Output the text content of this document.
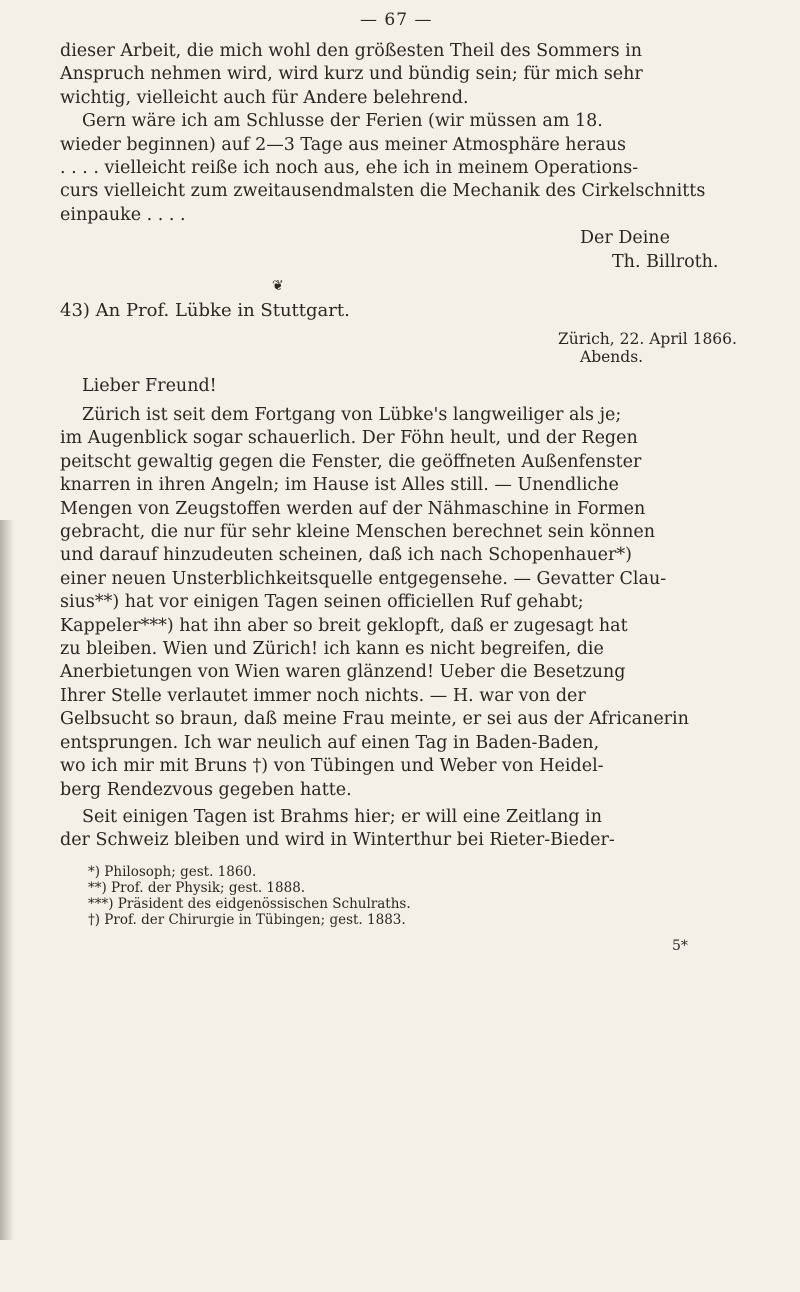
— 67 —
dieser Arbeit, die mich wohl den größesten Theil des Sommers in
Anspruch nehmen wird, wird kurz und bündig sein; für mich sehr
wichtig, vielleicht auch für Andere belehrend.
Gern wäre ich am Schlusse der Ferien (wir müssen am 18.
wieder beginnen) auf 2—3 Tage aus meiner Atmosphäre heraus
. . . . vielleicht reiße ich noch aus, ehe ich in meinem Operations-
curs vielleicht zum zweitausendmalsten die Mechanik des Cirkelschnitts
einpauke . . . .
Der Deine
Th. Billroth.
❦
43) An Prof. Lübke in Stuttgart.
Zürich, 22. April 1866.
Abends.
Lieber Freund!
Zürich ist seit dem Fortgang von Lübke's langweiliger als je;
im Augenblick sogar schauerlich. Der Föhn heult, und der Regen
peitscht gewaltig gegen die Fenster, die geöffneten Außenfenster
knarren in ihren Angeln; im Hause ist Alles still. — Unendliche
Mengen von Zeugstoffen werden auf der Nähmaschine in Formen
gebracht, die nur für sehr kleine Menschen berechnet sein können
und darauf hinzudeuten scheinen, daß ich nach Schopenhauer*)
einer neuen Unsterblichkeitsquelle entgegensehe. — Gevatter Clau-
sius**) hat vor einigen Tagen seinen officiellen Ruf gehabt;
Kappeler***) hat ihn aber so breit geklopft, daß er zugesagt hat
zu bleiben. Wien und Zürich! ich kann es nicht begreifen, die
Anerbietungen von Wien waren glänzend! Ueber die Besetzung
Ihrer Stelle verlautet immer noch nichts. — H. war von der
Gelbsucht so braun, daß meine Frau meinte, er sei aus der Africanerin
entsprungen. Ich war neulich auf einen Tag in Baden-Baden,
wo ich mir mit Bruns †) von Tübingen und Weber von Heidel-
berg Rendezvous gegeben hatte.
Seit einigen Tagen ist Brahms hier; er will eine Zeitlang in
der Schweiz bleiben und wird in Winterthur bei Rieter-Bieder-
*) Philosoph; gest. 1860.
**) Prof. der Physik; gest. 1888.
***) Präsident des eidgenössischen Schulraths.
†) Prof. der Chirurgie in Tübingen; gest. 1883.
5*
